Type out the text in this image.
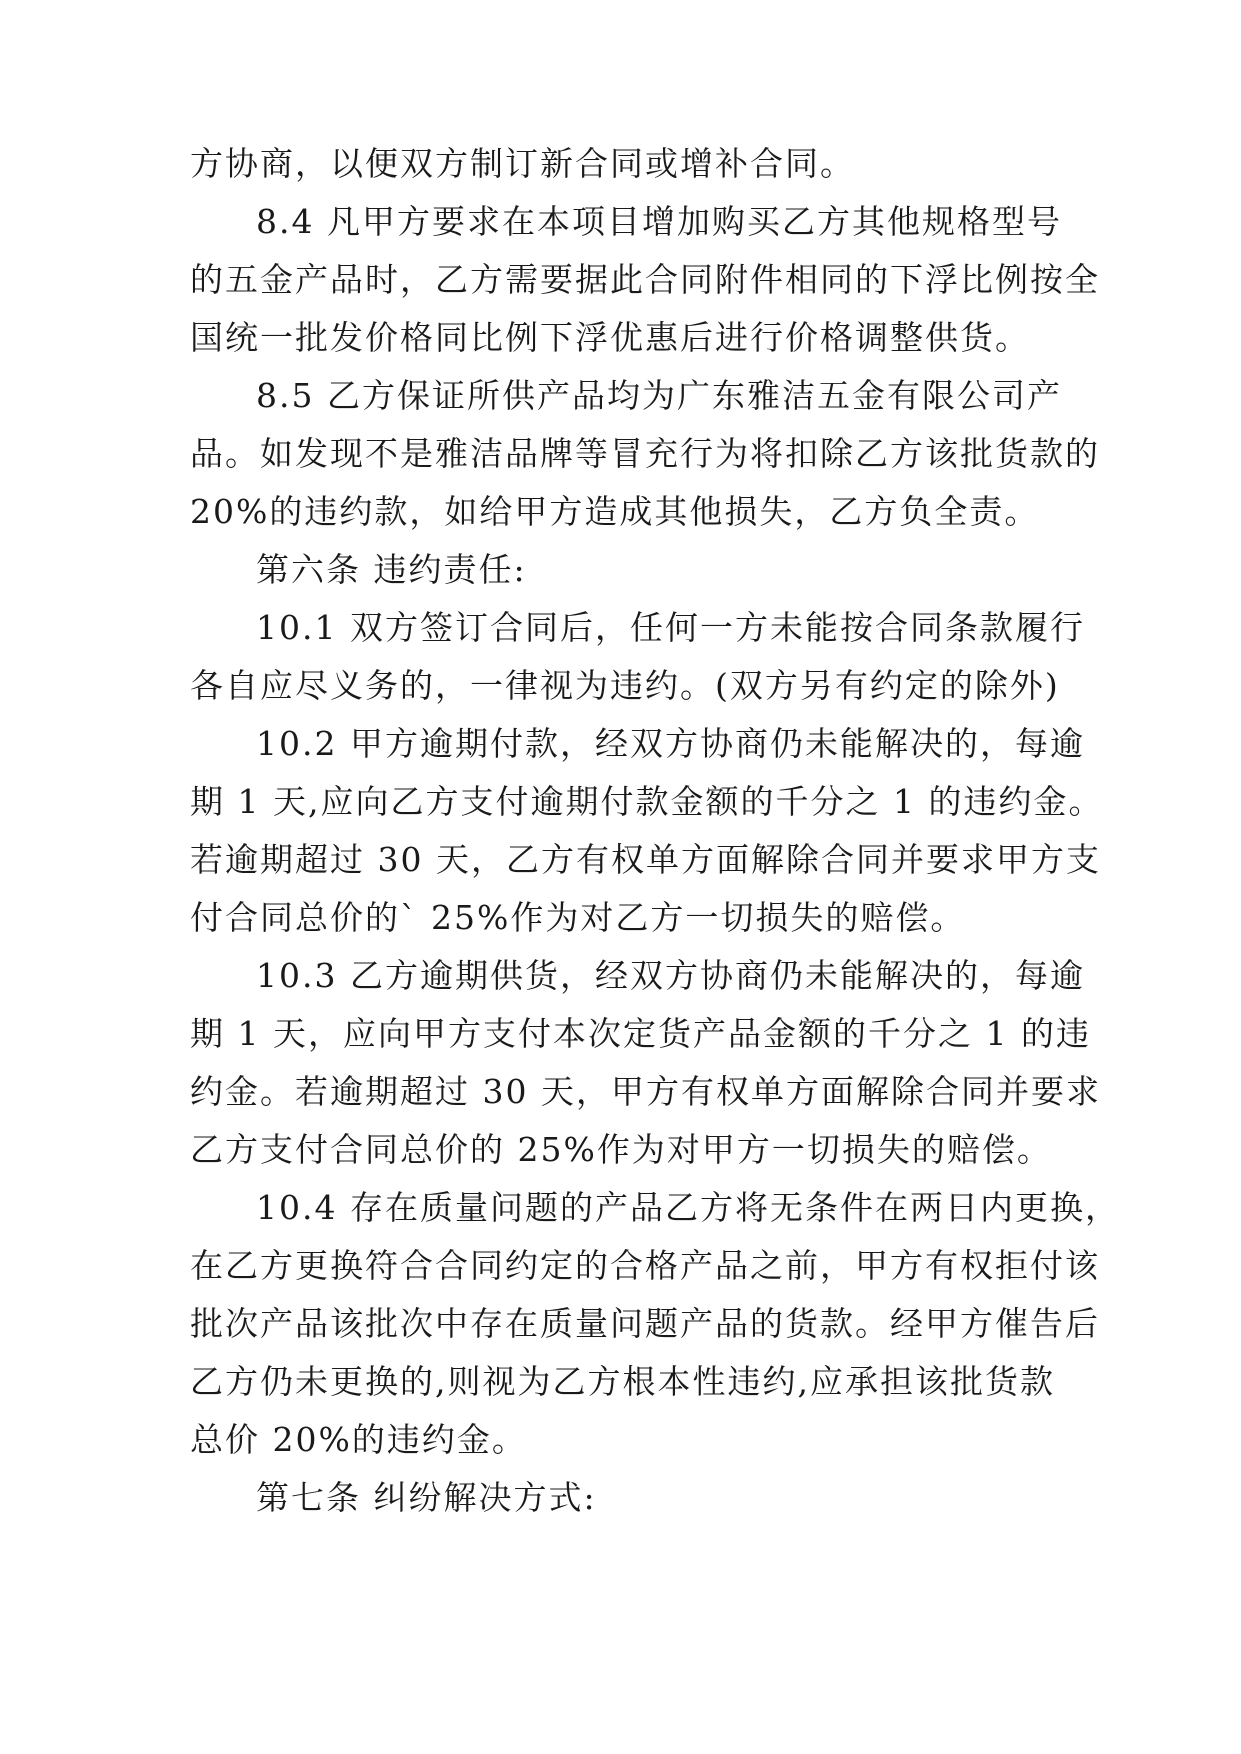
方协商，以便双方制订新合同或增补合同。
8.4 凡甲方要求在本项目增加购买乙方其他规格型号
的五金产品时，乙方需要据此合同附件相同的下浮比例按全
国统一批发价格同比例下浮优惠后进行价格调整供货。
8.5 乙方保证所供产品均为广东雅洁五金有限公司产
品。如发现不是雅洁品牌等冒充行为将扣除乙方该批货款的
20%的违约款，如给甲方造成其他损失，乙方负全责。
第六条 违约责任:
10.1 双方签订合同后，任何一方未能按合同条款履行
各自应尽义务的，一律视为违约。(双方另有约定的除外)
10.2 甲方逾期付款，经双方协商仍未能解决的，每逾
期 1 天,应向乙方支付逾期付款金额的千分之 1 的违约金。
若逾期超过 30 天，乙方有权单方面解除合同并要求甲方支
付合同总价的` 25%作为对乙方一切损失的赔偿。
10.3 乙方逾期供货，经双方协商仍未能解决的，每逾
期 1 天，应向甲方支付本次定货产品金额的千分之 1 的违
约金。若逾期超过 30 天，甲方有权单方面解除合同并要求
乙方支付合同总价的 25%作为对甲方一切损失的赔偿。
10.4 存在质量问题的产品乙方将无条件在两日内更换，
在乙方更换符合合同约定的合格产品之前，甲方有权拒付该
批次产品该批次中存在质量问题产品的货款。经甲方催告后
乙方仍未更换的,则视为乙方根本性违约,应承担该批货款
总价 20%的违约金。
第七条 纠纷解决方式:
